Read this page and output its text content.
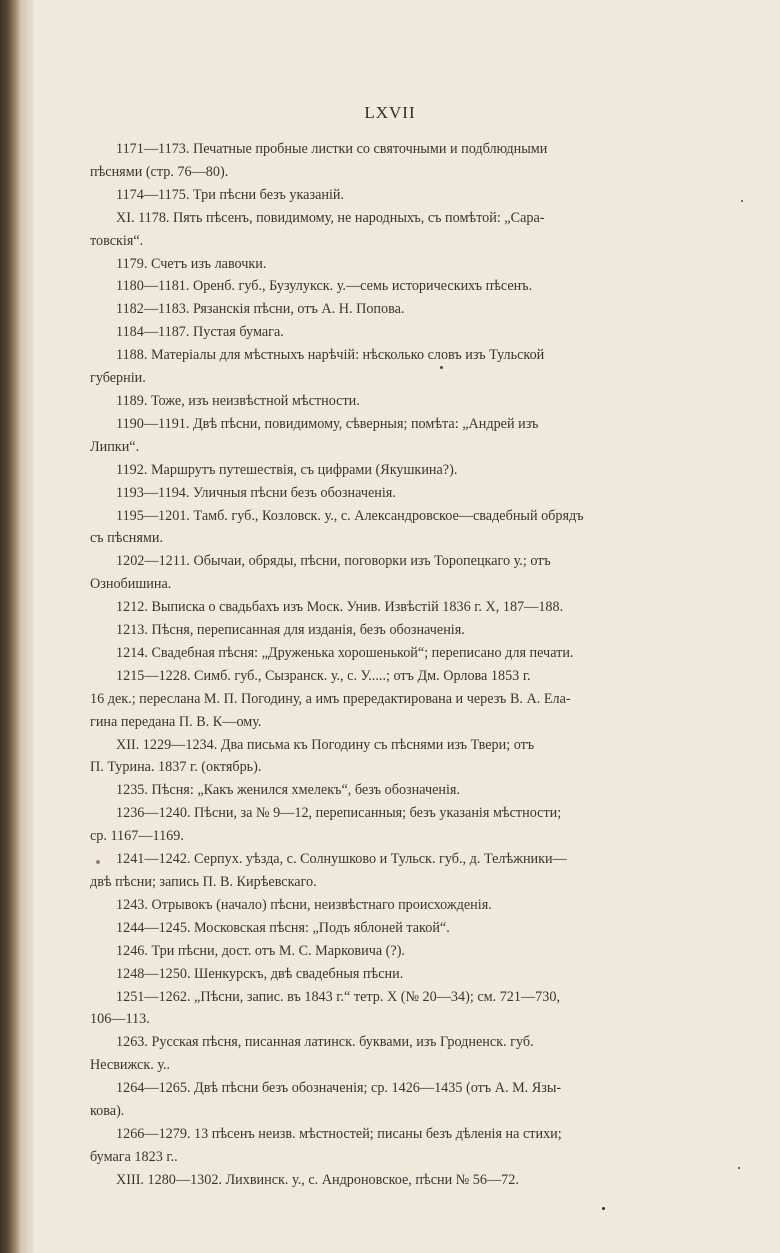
LXVII
1171—1173. Печатные пробные листки со святочными и подблюдными
пѣснями (стр. 76—80).
1174—1175. Три пѣсни безъ указаній.
XI. 1178. Пять пѣсенъ, повидимому, не народныхъ, съ помѣтой: „Сара-
товскія“.
1179. Счетъ изъ лавочки.
1180—1181. Оренб. губ., Бузулукск. у.—семь историческихъ пѣсенъ.
1182—1183. Рязанскія пѣсни, отъ А. Н. Попова.
1184—1187. Пустая бумага.
1188. Матеріалы для мѣстныхъ нарѣчій: нѣсколько словъ изъ Тульской
губерніи.
1189. Тоже, изъ неизвѣстной мѣстности.
1190—1191. Двѣ пѣсни, повидимому, сѣверныя; помѣта: „Андрей изъ
Липки“.
1192. Маршрутъ путешествія, съ цифрами (Якушкина?).
1193—1194. Уличныя пѣсни безъ обозначенія.
1195—1201. Тамб. губ., Козловск. у., с. Александровское—свадебный обрядъ
съ пѣснями.
1202—1211. Обычаи, обряды, пѣсни, поговорки изъ Торопецкаго у.; отъ
Ознобишина.
1212. Выписка о свадьбахъ изъ Моск. Унив. Извѣстій 1836 г. Х, 187—188.
1213. Пѣсня, переписанная для изданія, безъ обозначенія.
1214. Свадебная пѣсня: „Друженька хорошенькой“; переписано для печати.
1215—1228. Симб. губ., Сызранск. у., с. У.....; отъ Дм. Орлова 1853 г.
16 дек.; переслана М. П. Погодину, а имъ прередактирована и черезъ В. А. Ела-
гина передана П. В. К—ому.
XII. 1229—1234. Два письма къ Погодину съ пѣснями изъ Твери; отъ
П. Турина. 1837 г. (октябрь).
1235. Пѣсня: „Какъ женился хмелекъ“, безъ обозначенія.
1236—1240. Пѣсни, за № 9—12, переписанныя; безъ указанія мѣстности;
ср. 1167—1169.
1241—1242. Серпух. уѣзда, с. Солнушково и Тульск. губ., д. Телѣжники—
двѣ пѣсни; запись П. В. Кирѣевскаго.
1243. Отрывокъ (начало) пѣсни, неизвѣстнаго происхожденія.
1244—1245. Московская пѣсня: „Подъ яблоней такой“.
1246. Три пѣсни, дост. отъ М. С. Марковича (?).
1248—1250. Шенкурскъ, двѣ свадебныя пѣсни.
1251—1262. „Пѣсни, запис. въ 1843 г.“ тетр. Х (№ 20—34); см. 721—730,
106—113.
1263. Русская пѣсня, писанная латинск. буквами, изъ Гродненск. губ.
Несвижск. у..
1264—1265. Двѣ пѣсни безъ обозначенія; ср. 1426—1435 (отъ А. М. Язы-
кова).
1266—1279. 13 пѣсенъ неизв. мѣстностей; писаны безъ дѣленія на стихи;
бумага 1823 г..
XIII. 1280—1302. Лихвинск. у., с. Андроновское, пѣсни № 56—72.
